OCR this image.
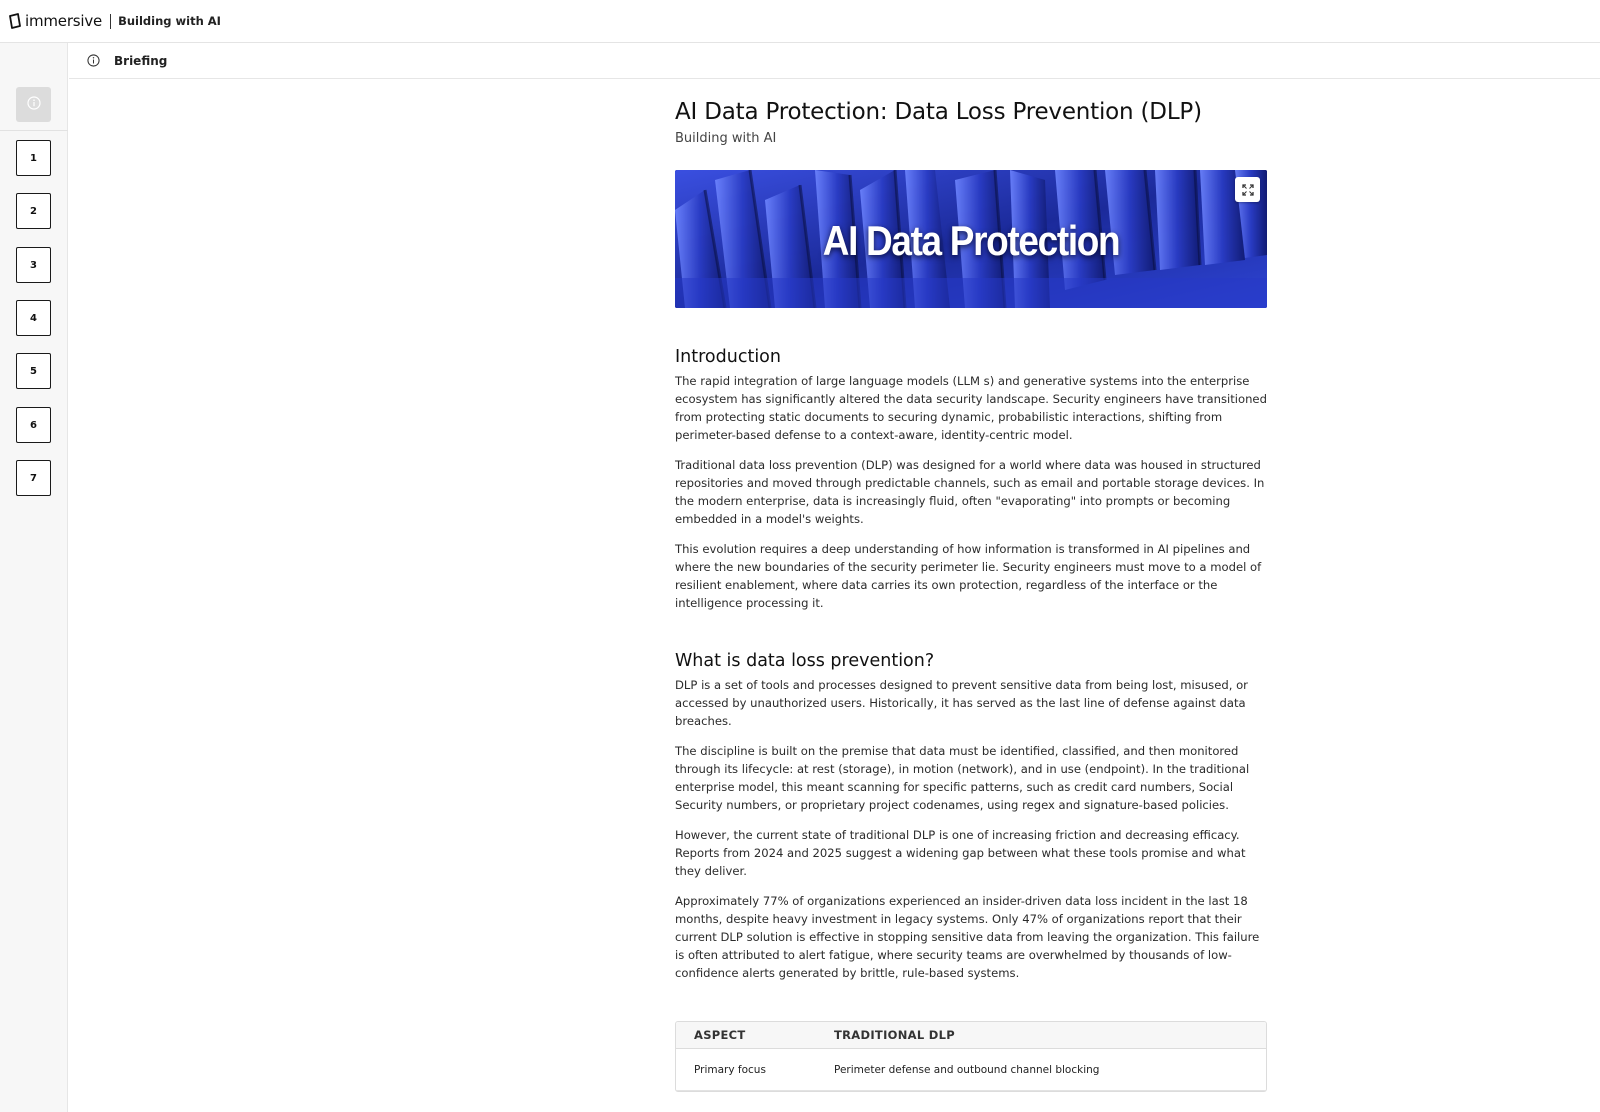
immersive Building with AI
1
2
3
4
5
6
7
Briefing
AI Data Protection: Data Loss Prevention (DLP)
Building with AI
AI Data Protection
Introduction

The rapid integration of large language models (LLM s) and generative systems into the enterprise ecosystem has significantly altered the data security landscape. Security engineers have transitioned from protecting static documents to securing dynamic, probabilistic interactions, shifting from perimeter-based defense to a context-aware, identity-centric model.

Traditional data loss prevention (DLP) was designed for a world where data was housed in structured repositories and moved through predictable channels, such as email and portable storage devices. In the modern enterprise, data is increasingly fluid, often "evaporating" into prompts or becoming embedded in a model's weights.

This evolution requires a deep understanding of how information is transformed in AI pipelines and where the new boundaries of the security perimeter lie. Security engineers must move to a model of resilient enablement, where data carries its own protection, regardless of the interface or the intelligence processing it.

What is data loss prevention?

DLP is a set of tools and processes designed to prevent sensitive data from being lost, misused, or accessed by unauthorized users. Historically, it has served as the last line of defense against data breaches.

The discipline is built on the premise that data must be identified, classified, and then monitored through its lifecycle: at rest (storage), in motion (network), and in use (endpoint). In the traditional enterprise model, this meant scanning for specific patterns, such as credit card numbers, Social Security numbers, or proprietary project codenames, using regex and signature-based policies.

However, the current state of traditional DLP is one of increasing friction and decreasing efficacy. Reports from 2024 and 2025 suggest a widening gap between what these tools promise and what they deliver.

Approximately 77% of organizations experienced an insider-driven data loss incident in the last 18 months, despite heavy investment in legacy systems. Only 47% of organizations report that their current DLP solution is effective in stopping sensitive data from leaving the organization. This failure is often attributed to alert fatigue, where security teams are overwhelmed by thousands of low-confidence alerts generated by brittle, rule-based systems.

ASPECT	TRADITIONAL DLP
Primary focus	Perimeter defense and outbound channel blocking
